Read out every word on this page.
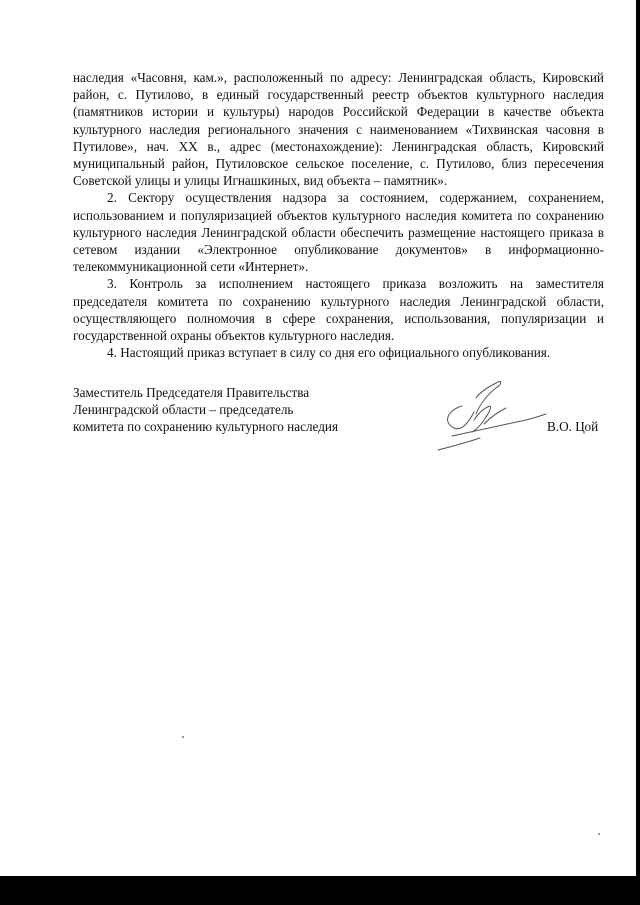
наследия «Часовня, кам.», расположенный по адресу: Ленинградская область, Кировский район, с. Путилово, в единый государственный реестр объектов культурного наследия (памятников истории и культуры) народов Российской Федерации в качестве объекта культурного наследия регионального значения с наименованием «Тихвинская часовня в Путилове», нач. XX в., адрес (местонахождение): Ленинградская область, Кировский муниципальный район, Путиловское сельское поселение, с. Путилово, близ пересечения Советской улицы и улицы Игнашкиных, вид объекта – памятник».

2. Сектору осуществления надзора за состоянием, содержанием, сохранением, использованием и популяризацией объектов культурного наследия комитета по сохранению культурного наследия Ленинградской области обеспечить размещение настоящего приказа в сетевом издании «Электронное опубликование документов» в информационно-телекоммуникационной сети «Интернет».

3. Контроль за исполнением настоящего приказа возложить на заместителя председателя комитета по сохранению культурного наследия Ленинградской области, осуществляющего полномочия в сфере сохранения, использования, популяризации и государственной охраны объектов культурного наследия.

4. Настоящий приказ вступает в силу со дня его официального опубликования.

Заместитель Председателя Правительства
Ленинградской области – председатель
комитета по сохранению культурного наследия	В.О. Цой
